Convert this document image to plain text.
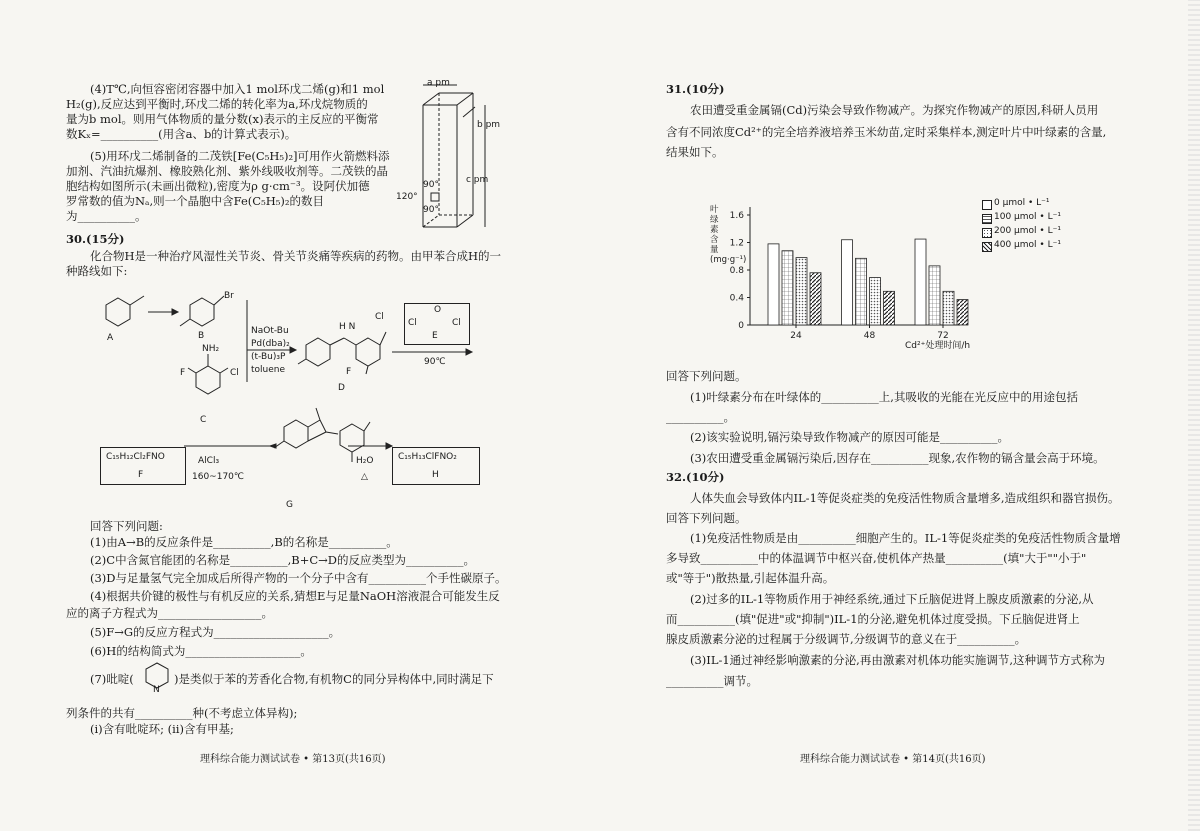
(4)T℃,向恒容密闭容器中加入1 mol环戊二烯(g)和1 mol
H₂(g),反应达到平衡时,环戊二烯的转化率为a,环戊烷物质的
量为b mol。则用气体物质的量分数(x)表示的主反应的平衡常
数Kₓ=__________(用含a、b的计算式表示)。
(5)用环戊二烯制备的二茂铁[Fe(C₅H₅)₂]可用作火箭燃料添
加剂、汽油抗爆剂、橡胶熟化剂、紫外线吸收剂等。二茂铁的晶
胞结构如图所示(未画出微粒),密度为ρ g·cm⁻³。设阿伏加德
罗常数的值为Nₐ,则一个晶胞中含Fe(C₅H₅)₂的数目
为__________。
a pm
b pm
c pm
90°
120°
90°
30.(15分)
化合物H是一种治疗风湿性关节炎、骨关节炎痛等疾病的药物。由甲苯合成H的一
种路线如下:
A
Br
B
NH₂
F	Cl
C
NaOt-Bu
Pd(dba)₂
(t-Bu)₃P
toluene
H N
Cl
F
D
Cl
O
Cl
E
90℃
C₁₅H₁₂Cl₂FNO
F
AlCl₃
160~170℃
G
H₂O
△
C₁₅H₁₃ClFNO₂
H
回答下列问题:
(1)由A→B的反应条件是__________,B的名称是__________。
(2)C中含氮官能团的名称是__________,B+C→D的反应类型为__________。
(3)D与足量氢气完全加成后所得产物的一个分子中含有__________个手性碳原子。
(4)根据共价键的极性与有机反应的关系,猜想E与足量NaOH溶液混合可能发生反
应的离子方程式为__________________。
(5)F→G的反应方程式为____________________。
(6)H的结构简式为____________________。
(7)吡啶(
N
)是类似于苯的芳香化合物,有机物C的同分异构体中,同时满足下
列条件的共有__________种(不考虑立体异构);
(ⅰ)含有吡啶环; (ⅱ)含有甲基;
理科综合能力测试试卷 • 第13页(共16页)
31.(10分)
农田遭受重金属镉(Cd)污染会导致作物减产。为探究作物减产的原因,科研人员用
含有不同浓度Cd²⁺的完全培养液培养玉米幼苗,定时采集样本,测定叶片中叶绿素的含量,
结果如下。
0
0.4
0.8
1.2
1.6
24	48	72
叶绿素含量(mg·g⁻¹)
Cd²⁺处理时间/h
0 μmol • L⁻¹
100 μmol • L⁻¹
200 μmol • L⁻¹
400 μmol • L⁻¹
回答下列问题。
(1)叶绿素分布在叶绿体的__________上,其吸收的光能在光反应中的用途包括
__________。
(2)该实验说明,镉污染导致作物减产的原因可能是__________。
(3)农田遭受重金属镉污染后,因存在__________现象,农作物的镉含量会高于环境。
32.(10分)
人体失血会导致体内IL-1等促炎症类的免疫活性物质含量增多,造成组织和器官损伤。
回答下列问题。
(1)免疫活性物质是由__________细胞产生的。IL-1等促炎症类的免疫活性物质含量增
多导致__________中的体温调节中枢兴奋,使机体产热量__________(填"大于""小于"
或"等于")散热量,引起体温升高。
(2)过多的IL-1等物质作用于神经系统,通过下丘脑促进肾上腺皮质激素的分泌,从
而__________(填"促进"或"抑制")IL-1的分泌,避免机体过度受损。下丘脑促进肾上
腺皮质激素分泌的过程属于分级调节,分级调节的意义在于__________。
(3)IL-1通过神经影响激素的分泌,再由激素对机体功能实施调节,这种调节方式称为
__________调节。
理科综合能力测试试卷 • 第14页(共16页)
